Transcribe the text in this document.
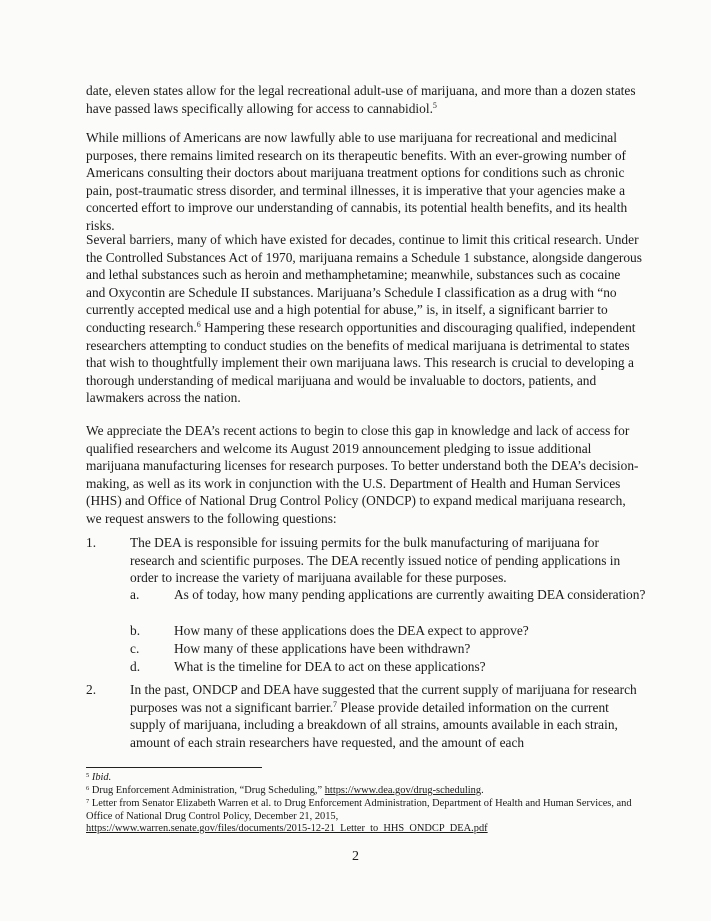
date, eleven states allow for the legal recreational adult-use of marijuana, and more than a dozen states have passed laws specifically allowing for access to cannabidiol.$^5$

While millions of Americans are now lawfully able to use marijuana for recreational and medicinal purposes, there remains limited research on its therapeutic benefits. With an ever-growing number of Americans consulting their doctors about marijuana treatment options for conditions such as chronic pain, post-traumatic stress disorder, and terminal illnesses, it is imperative that your agencies make a concerted effort to improve our understanding of cannabis, its potential health benefits, and its health risks.

Several barriers, many of which have existed for decades, continue to limit this critical research. Under the Controlled Substances Act of 1970, marijuana remains a Schedule 1 substance, alongside dangerous and lethal substances such as heroin and methamphetamine; meanwhile, substances such as cocaine and Oxycontin are Schedule II substances. Marijuana’s Schedule I classification as a drug with “no currently accepted medical use and a high potential for abuse,” is, in itself, a significant barrier to conducting research.$^6$ Hampering these research opportunities and discouraging qualified, independent researchers attempting to conduct studies on the benefits of medical marijuana is detrimental to states that wish to thoughtfully implement their own marijuana laws. This research is crucial to developing a thorough understanding of medical marijuana and would be invaluable to doctors, patients, and lawmakers across the nation.

We appreciate the DEA’s recent actions to begin to close this gap in knowledge and lack of access for qualified researchers and welcome its August 2019 announcement pledging to issue additional marijuana manufacturing licenses for research purposes. To better understand both the DEA’s decision-making, as well as its work in conjunction with the U.S. Department of Health and Human Services (HHS) and Office of National Drug Control Policy (ONDCP) to expand medical marijuana research, we request answers to the following questions:

1.	The DEA is responsible for issuing permits for the bulk manufacturing of marijuana for research and scientific purposes. The DEA recently issued notice of pending applications in order to increase the variety of marijuana available for these purposes.
a.	As of today, how many pending applications are currently awaiting DEA consideration?
b.	How many of these applications does the DEA expect to approve?
c.	How many of these applications have been withdrawn?
d.	What is the timeline for DEA to act on these applications?
2.	In the past, ONDCP and DEA have suggested that the current supply of marijuana for research purposes was not a significant barrier.$^7$ Please provide detailed information on the current supply of marijuana, including a breakdown of all strains, amounts available in each strain, amount of each strain researchers have requested, and the amount of each
$^5$ Ibid.
$^6$ Drug Enforcement Administration, “Drug Scheduling,” https://www.dea.gov/drug-scheduling.
$^7$ Letter from Senator Elizabeth Warren et al. to Drug Enforcement Administration, Department of Health and Human Services, and Office of National Drug Control Policy, December 21, 2015,
https://www.warren.senate.gov/files/documents/2015-12-21_Letter_to_HHS_ONDCP_DEA.pdf
2
